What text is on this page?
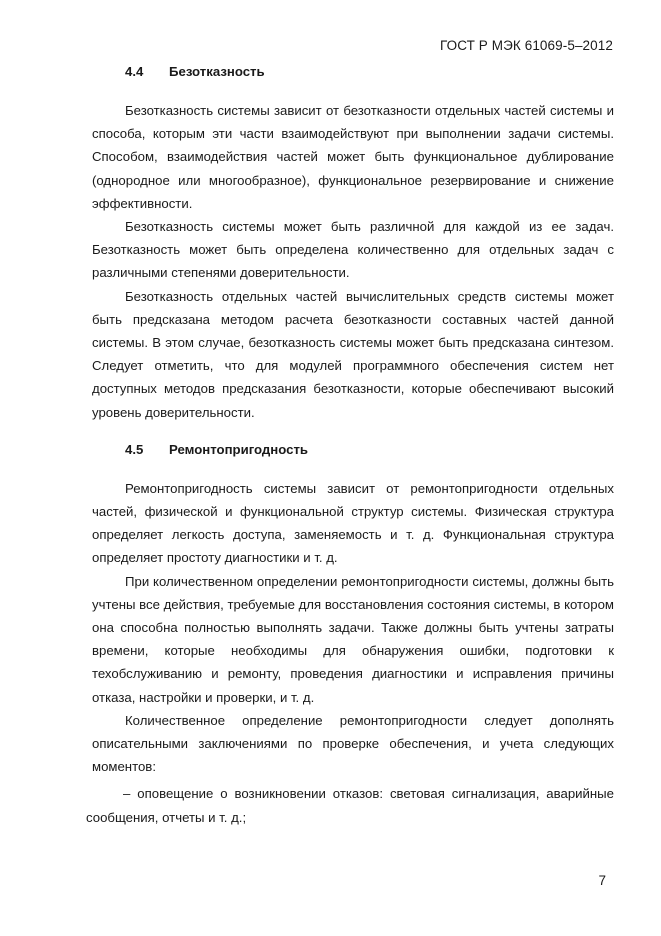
ГОСТ Р МЭК 61069-5–2012
4.4 Безотказность

Безотказность системы зависит от безотказности отдельных частей системы и способа, которым эти части взаимодействуют при выполнении задачи системы. Способом, взаимодействия частей может быть функциональное дублирование (однородное или многообразное), функциональное резервирование и снижение эффективности.

Безотказность системы может быть различной для каждой из ее задач. Безотказность может быть определена количественно для отдельных задач с различными степенями доверительности.

Безотказность отдельных частей вычислительных средств системы может быть предсказана методом расчета безотказности составных частей данной системы. В этом случае, безотказность системы может быть предсказана синтезом. Следует отметить, что для модулей программного обеспечения систем нет доступных методов предсказания безотказности, которые обеспечивают высокий уровень доверительности.

4.5 Ремонтопригодность

Ремонтопригодность системы зависит от ремонтопригодности отдельных частей, физической и функциональной структур системы. Физическая структура определяет легкость доступа, заменяемость и т. д. Функциональная структура определяет простоту диагностики и т. д.

При количественном определении ремонтопригодности системы, должны быть учтены все действия, требуемые для восстановления состояния системы, в котором она способна полностью выполнять задачи. Также должны быть учтены затраты времени, которые необходимы для обнаружения ошибки, подготовки к техобслуживанию и ремонту, проведения диагностики и исправления причины отказа, настройки и проверки, и т. д.

Количественное определение ремонтопригодности следует дополнять описательными заключениями по проверке обеспечения, и учета следующих моментов:

– оповещение о возникновении отказов: световая сигнализация, аварийные сообщения, отчеты и т. д.;

7
